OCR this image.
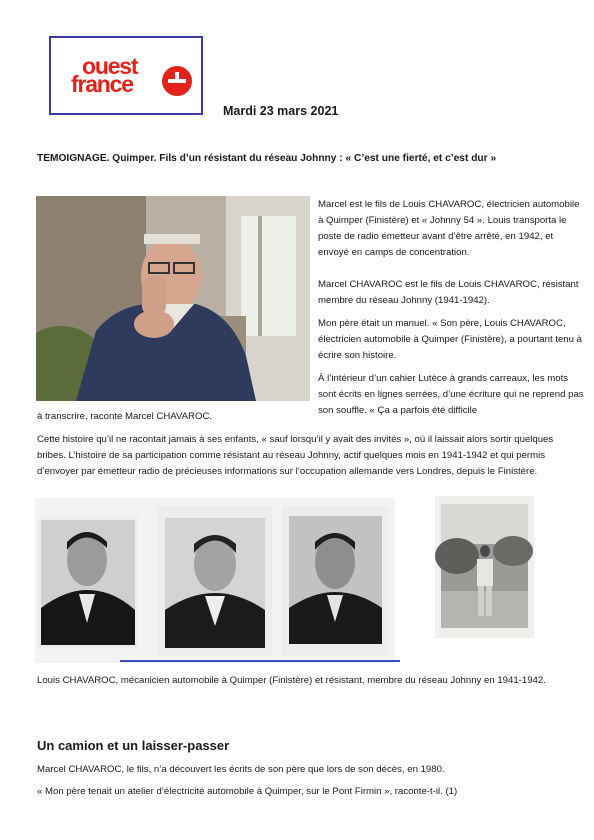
ouest
france
Mardi 23 mars 2021
TEMOIGNAGE. Quimper. Fils d’un résistant du réseau Johnny : « C’est une fierté, et c’est dur »

Marcel est le fils de Louis CHAVAROC, électricien automobile à Quimper (Finistère) et « Johnny 54 ». Louis transporta le poste de radio émetteur avant d’être arrêté, en 1942, et envoyé en camps de concentration.

Marcel CHAVAROC est le fils de Louis CHAVAROC, résistant membre du réseau Johnny (1941-1942).

Mon père était un manuel. « Son père, Louis CHAVAROC, électricien automobile à Quimper (Finistère), a pourtant tenu à écrire son histoire.

À l’intérieur d’un cahier Lutèce à grands carreaux, les mots sont écrits en lignes serrées, d’une écriture qui ne reprend pas son souffle. « Ça a parfois été difficile

à transcrire, raconte Marcel CHAVAROC.

Cette histoire qu’il ne racontait jamais à ses enfants, « sauf lorsqu’il y avait des invités », où il laissait alors sortir quelques bribes. L’histoire de sa participation comme résistant au réseau Johnny, actif quelques mois en 1941-1942 et qui permis d’envoyer par émetteur radio de précieuses informations sur l’occupation allemande vers Londres, depuis le Finistère.

Louis CHAVAROC, mécanicien automobile à Quimper (Finistère) et résistant, membre du réseau Johnny en 1941-1942.

Un camion et un laisser-passer

Marcel CHAVAROC, le fils, n’a découvert les écrits de son père que lors de son décès, en 1980.

« Mon père tenait un atelier d’électricité automobile à Quimper, sur le Pont Firmin », raconte-t-il. (1)
